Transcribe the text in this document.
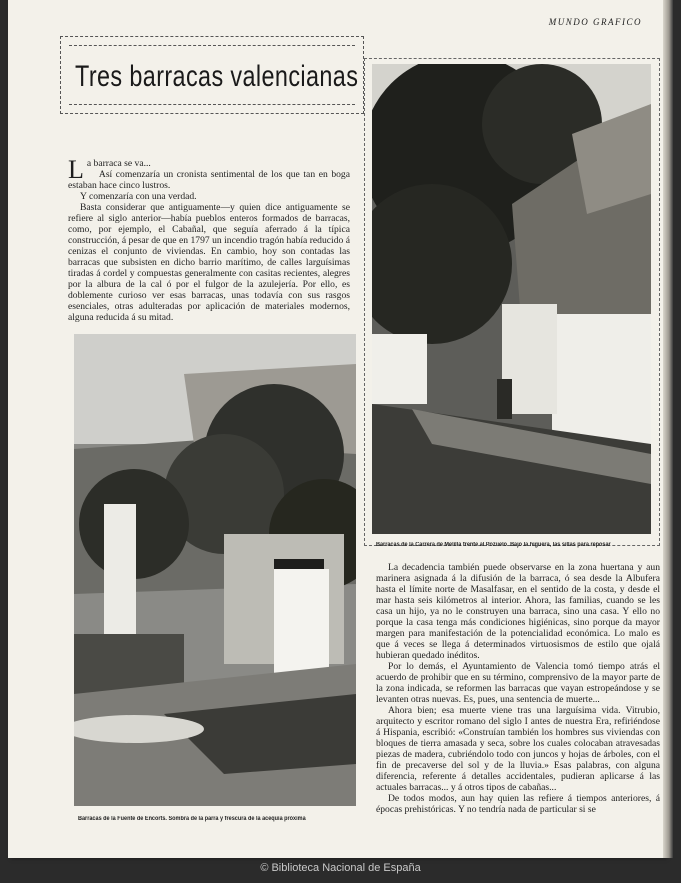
MUNDO GRAFICO
Tres barracas valencianas

La barraca se va...

Así comenzaría un cronista sentimental de los que tan en boga estaban hace cinco lustros.

Y comenzaría con una verdad.

Basta considerar que antiguamente—y quien dice antiguamente se refiere al siglo anterior—había pueblos enteros formados de barracas, como, por ejemplo, el Cabañal, que seguía aferrado á la típica construcción, á pesar de que en 1797 un incendio tragón había reducido á cenizas el conjunto de viviendas. En cambio, hoy son contadas las barracas que subsisten en dicho barrio marítimo, de calles larguísimas tiradas á cordel y compuestas generalmente con casitas recientes, alegres por la albura de la cal ó por el fulgor de la azulejería. Por ello, es doblemente curioso ver esas barracas, unas todavía con sus rasgos esenciales, otras adulteradas por aplicación de materiales modernos, alguna reducida á su mitad.

Barracas de la Fuente de Encorts. Sombra de la parra y frescura de la acequia próxima
Barracas de la Carrera de Melilla frente al Pozuelo. Bajo la higuera, las sillas para reposar

La decadencia también puede observarse en la zona huertana y aun marinera asignada á la difusión de la barraca, ó sea desde la Albufera hasta el límite norte de Masalfasar, en el sentido de la costa, y desde el mar hasta seis kilómetros al interior. Ahora, las familias, cuando se les casa un hijo, ya no le construyen una barraca, sino una casa. Y ello no porque la casa tenga más condiciones higiénicas, sino porque da mayor margen para manifestación de la potencialidad económica. Lo malo es que á veces se llega á determinados virtuosismos de estilo que ojalá hubieran quedado inéditos.

Por lo demás, el Ayuntamiento de Valencia tomó tiempo atrás el acuerdo de prohibir que en su término, comprensivo de la mayor parte de la zona indicada, se reformen las barracas que vayan estropeándose y se levanten otras nuevas. Es, pues, una sentencia de muerte...

Ahora bien; esa muerte viene tras una larguísima vida. Vitrubio, arquitecto y escritor romano del siglo I antes de nuestra Era, refiriéndose á Hispania, escribió: «Construían también los hombres sus viviendas con bloques de tierra amasada y seca, sobre los cuales colocaban atravesadas piezas de madera, cubriéndolo todo con juncos y hojas de árboles, con el fin de precaverse del sol y de la lluvia.» Esas palabras, con alguna diferencia, referente á detalles accidentales, pudieran aplicarse á las actuales barracas... y á otros tipos de cabañas...

De todos modos, aun hay quien las refiere á tiempos anteriores, á épocas prehistóricas. Y no tendría nada de particular si se

© Biblioteca Nacional de España
